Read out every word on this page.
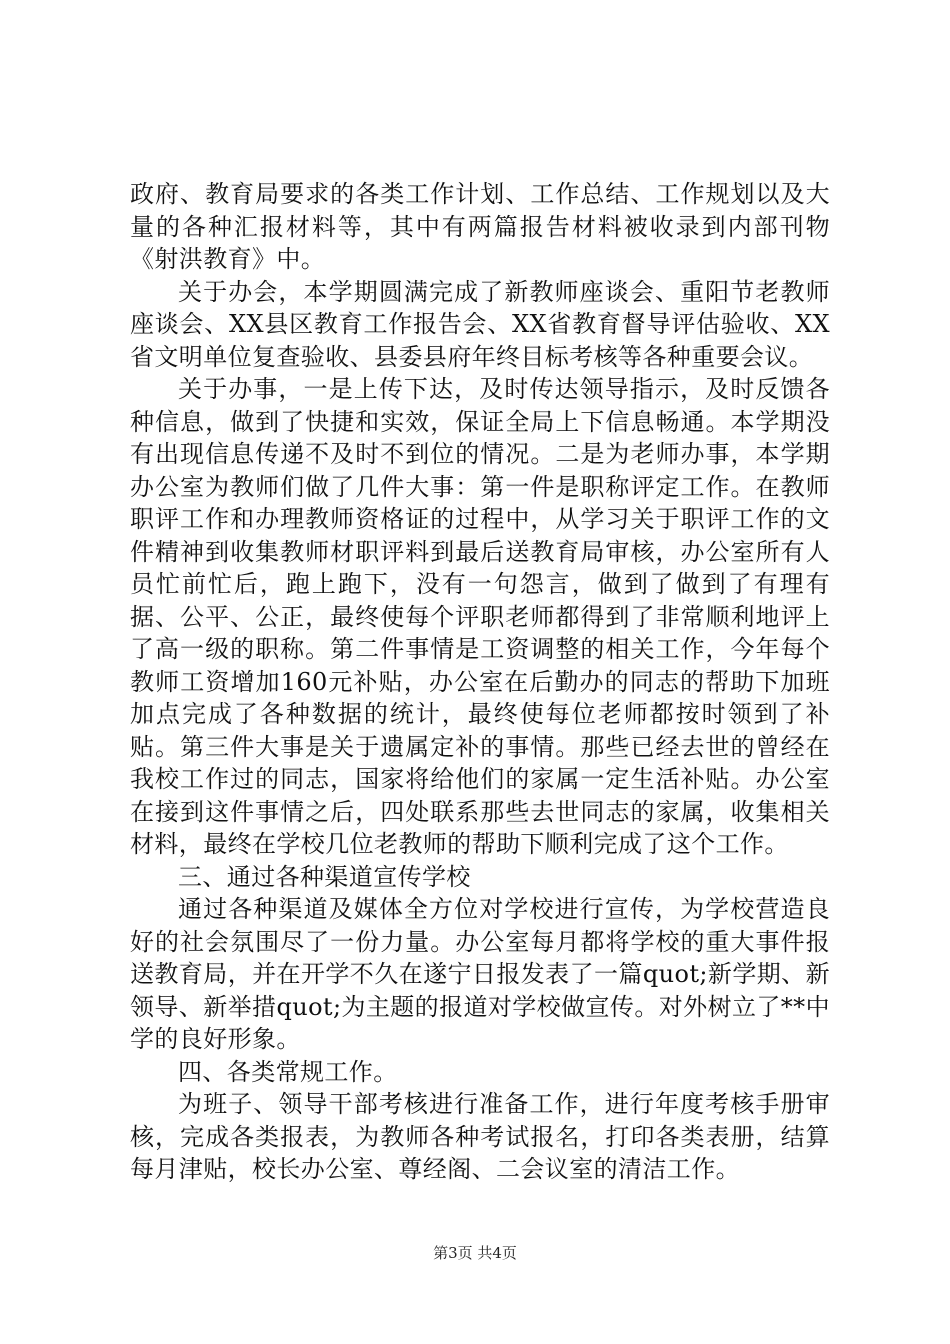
政府、教育局要求的各类工作计划、工作总结、工作规划以及大量的各种汇报材料等，其中有两篇报告材料被收录到内部刊物《射洪教育》中。

关于办会，本学期圆满完成了新教师座谈会、重阳节老教师座谈会、XX县区教育工作报告会、XX省教育督导评估验收、XX省文明单位复查验收、县委县府年终目标考核等各种重要会议。

关于办事，一是上传下达，及时传达领导指示，及时反馈各种信息，做到了快捷和实效，保证全局上下信息畅通。本学期没有出现信息传递不及时不到位的情况。二是为老师办事，本学期办公室为教师们做了几件大事：第一件是职称评定工作。在教师职评工作和办理教师资格证的过程中，从学习关于职评工作的文件精神到收集教师材职评料到最后送教育局审核，办公室所有人员忙前忙后，跑上跑下，没有一句怨言，做到了做到了有理有据、公平、公正，最终使每个评职老师都得到了非常顺利地评上了高一级的职称。第二件事情是工资调整的相关工作，今年每个教师工资增加160元补贴，办公室在后勤办的同志的帮助下加班加点完成了各种数据的统计，最终使每位老师都按时领到了补贴。第三件大事是关于遗属定补的事情。那些已经去世的曾经在我校工作过的同志，国家将给他们的家属一定生活补贴。办公室在接到这件事情之后，四处联系那些去世同志的家属，收集相关材料，最终在学校几位老教师的帮助下顺利完成了这个工作。

三、通过各种渠道宣传学校

通过各种渠道及媒体全方位对学校进行宣传，为学校营造良好的社会氛围尽了一份力量。办公室每月都将学校的重大事件报送教育局，并在开学不久在遂宁日报发表了一篇quot;新学期、新领导、新举措quot;为主题的报道对学校做宣传。对外树立了**中学的良好形象。

四、各类常规工作。

为班子、领导干部考核进行准备工作，进行年度考核手册审核，完成各类报表，为教师各种考试报名，打印各类表册，结算每月津贴，校长办公室、尊经阁、二会议室的清洁工作。

第3页 共4页
